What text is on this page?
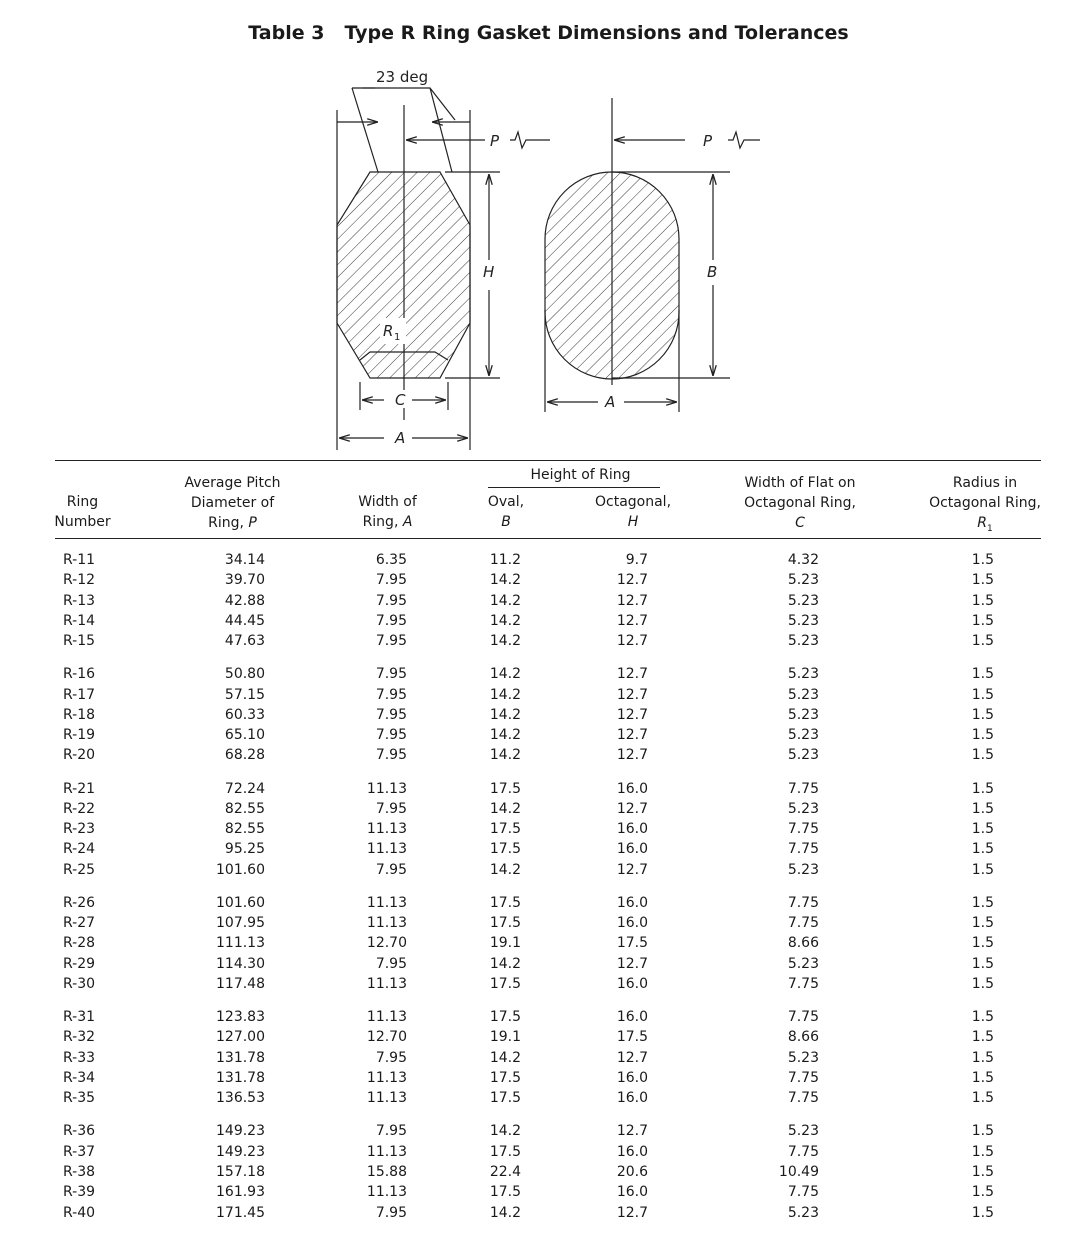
Table 3 Type R Ring Gasket Dimensions and Tolerances
23 deg
P	P
H	B
R 1
C
A
A
Ring
Number
Average Pitch
Diameter of
Ring, P
Width of
Ring, A
Height of Ring
Oval,
B
Octagonal,
H
Width of Flat on
Octagonal Ring,
C
Radius in
Octagonal Ring,
$R_1$
R-11	34.14	6.35	11.2	9.7	4.32	1.5
R-12	39.70	7.95	14.2	12.7	5.23	1.5
R-13	42.88	7.95	14.2	12.7	5.23	1.5
R-14	44.45	7.95	14.2	12.7	5.23	1.5
R-15	47.63	7.95	14.2	12.7	5.23	1.5
R-16	50.80	7.95	14.2	12.7	5.23	1.5
R-17	57.15	7.95	14.2	12.7	5.23	1.5
R-18	60.33	7.95	14.2	12.7	5.23	1.5
R-19	65.10	7.95	14.2	12.7	5.23	1.5
R-20	68.28	7.95	14.2	12.7	5.23	1.5
R-21	72.24	11.13	17.5	16.0	7.75	1.5
R-22	82.55	7.95	14.2	12.7	5.23	1.5
R-23	82.55	11.13	17.5	16.0	7.75	1.5
R-24	95.25	11.13	17.5	16.0	7.75	1.5
R-25	101.60	7.95	14.2	12.7	5.23	1.5
R-26	101.60	11.13	17.5	16.0	7.75	1.5
R-27	107.95	11.13	17.5	16.0	7.75	1.5
R-28	111.13	12.70	19.1	17.5	8.66	1.5
R-29	114.30	7.95	14.2	12.7	5.23	1.5
R-30	117.48	11.13	17.5	16.0	7.75	1.5
R-31	123.83	11.13	17.5	16.0	7.75	1.5
R-32	127.00	12.70	19.1	17.5	8.66	1.5
R-33	131.78	7.95	14.2	12.7	5.23	1.5
R-34	131.78	11.13	17.5	16.0	7.75	1.5
R-35	136.53	11.13	17.5	16.0	7.75	1.5
R-36	149.23	7.95	14.2	12.7	5.23	1.5
R-37	149.23	11.13	17.5	16.0	7.75	1.5
R-38	157.18	15.88	22.4	20.6	10.49	1.5
R-39	161.93	11.13	17.5	16.0	7.75	1.5
R-40	171.45	7.95	14.2	12.7	5.23	1.5
